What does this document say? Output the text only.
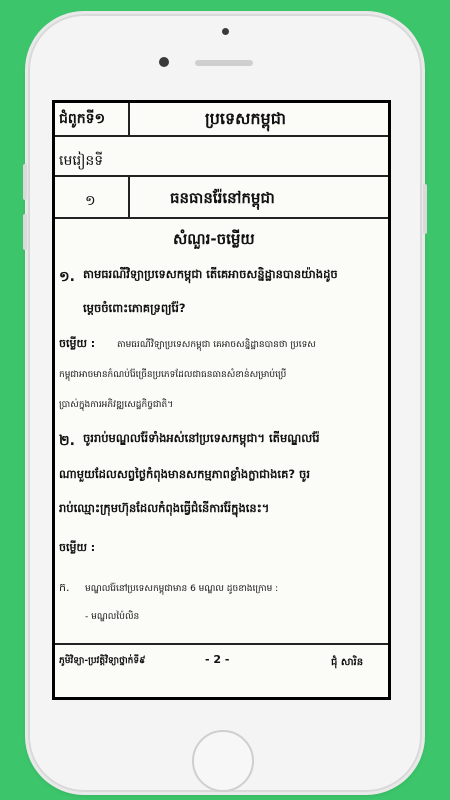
ជំពូកទី១	ប្រទេសកម្ពុជា
មេរៀនទី
១	ធនធានរ៉ែនៅកម្ពុជា
សំណួរ-ចម្លើយ
១. តាមធរណីវិទ្យាប្រទេសកម្ពុជា តើគេអាចសន្និដ្ឋានបានយ៉ាងដូច
ម្តេចចំពោះភោគទ្រព្យរ៉ែ?
ចម្លើយ : តាមធរណីវិទ្យាប្រទេសកម្ពុជា គេអាចសន្និដ្ឋានបានថា ប្រទេស
កម្ពុជាអាចមានកំណប់រ៉ែច្រើនប្រភេទដែលជាធនធានសំខាន់សម្រាប់ប្រើ
ប្រាស់ក្នុងការអភិវឌ្ឍសេដ្ឋកិច្ចជាតិ។
២. ចូររាប់មណ្ឌលរ៉ែទាំងអស់នៅប្រទេសកម្ពុជា។ តើមណ្ឌលរ៉ែ
ណាមួយដែលសព្វថ្ងៃកំពុងមានសកម្មភាពខ្លាំងក្លាជាងគេ? ចូរ
រាប់ឈ្មោះក្រុមហ៊ុនដែលកំពុងធ្វើជំនើការរ៉ែក្នុងនេះ។
ចម្លើយ :
ក. មណ្ឌលរ៉ែនៅប្រទេសកម្ពុជាមាន 6 មណ្ឌល ដូចខាងក្រោម :
- មណ្ឌលប៉ៃលិន
ភូមិវិទ្យា-ប្រវត្តិវិទ្យាថ្នាក់ទី៩	- 2 -	ជុំ សារិន
